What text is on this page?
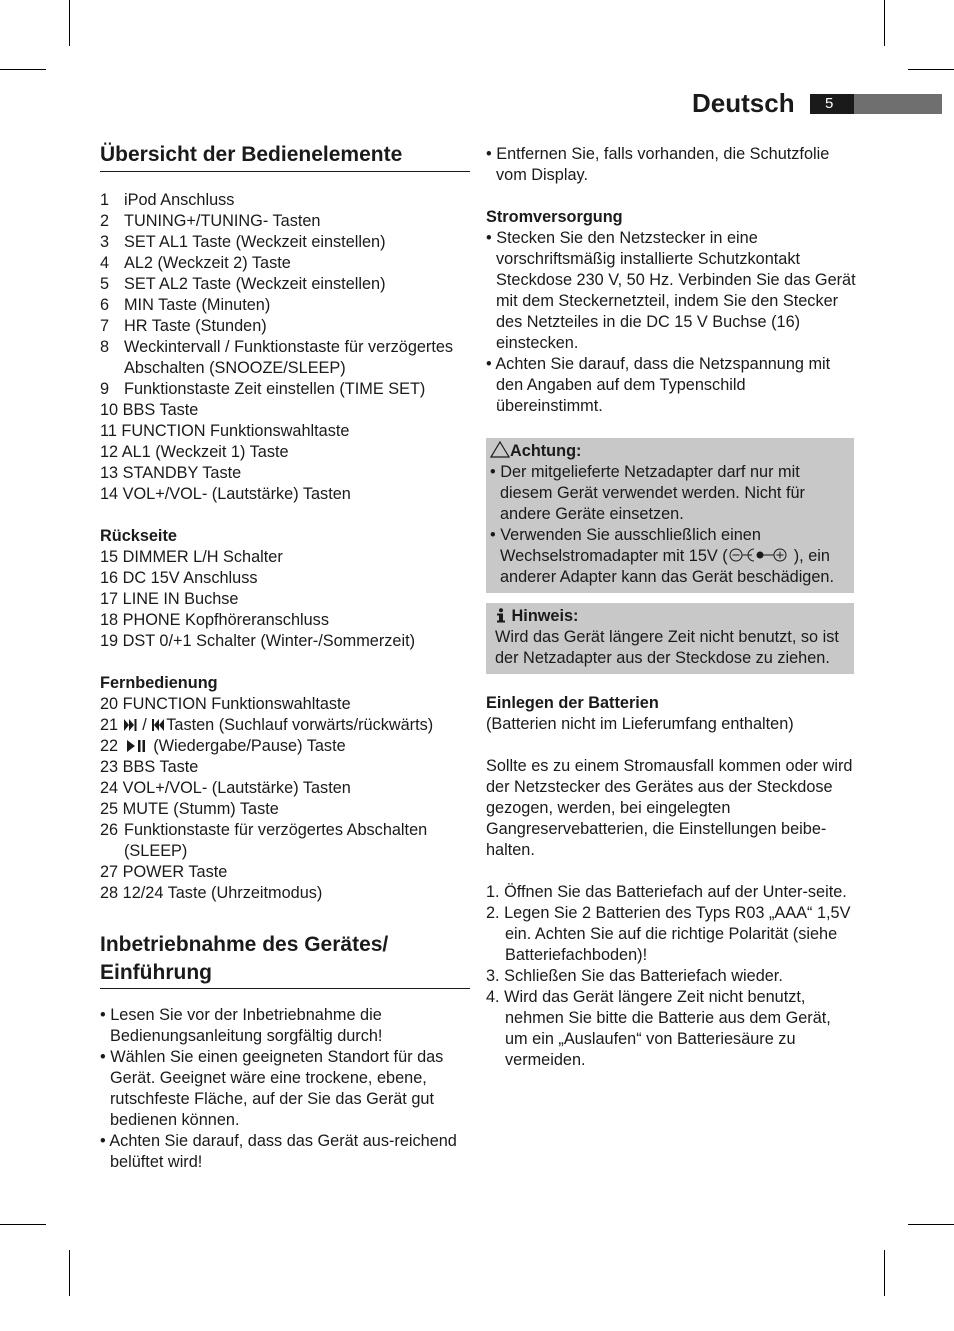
Deutsch	5
Übersicht der Bedienelemente
1 iPod Anschluss
2 TUNING+/TUNING- Tasten
3 SET AL1 Taste (Weckzeit einstellen)
4 AL2 (Weckzeit 2) Taste
5 SET AL2 Taste (Weckzeit einstellen)
6 MIN Taste (Minuten)
7 HR Taste (Stunden)
8 Weckintervall / Funktionstaste für verzögertes Abschalten (SNOOZE/SLEEP)
9 Funktionstaste Zeit einstellen (TIME SET)
10 BBS Taste
11 FUNCTION Funktionswahltaste
12 AL1 (Weckzeit 1) Taste
13 STANDBY Taste
14 VOL+/VOL- (Lautstärke) Tasten
Rückseite
15 DIMMER L/H Schalter
16 DC 15V Anschluss
17 LINE IN Buchse
18 PHONE Kopfhöreranschluss
19 DST 0/+1 Schalter (Winter-/Sommerzeit)
Fernbedienung
20 FUNCTION Funktionswahltaste
21 / Tasten (Suchlauf vorwärts/rückwärts)
22 (Wiedergabe/Pause) Taste
23 BBS Taste
24 VOL+/VOL- (Lautstärke) Tasten
25 MUTE (Stumm) Taste
26 Funktionstaste für verzögertes Abschalten (SLEEP)
27 POWER Taste
28 12/24 Taste (Uhrzeitmodus)
Inbetriebnahme des Gerätes/ Einführung
• Lesen Sie vor der Inbetriebnahme die Bedienungsanleitung sorgfältig durch!
• Wählen Sie einen geeigneten Standort für das Gerät. Geeignet wäre eine trockene, ebene, rutschfeste Fläche, auf der Sie das Gerät gut bedienen können.
• Achten Sie darauf, dass das Gerät aus-reichend belüftet wird!
• Entfernen Sie, falls vorhanden, die Schutzfolie vom Display.
Stromversorgung
• Stecken Sie den Netzstecker in eine vorschriftsmäßig installierte Schutzkontakt Steckdose 230 V, 50 Hz. Verbinden Sie das Gerät mit dem Steckernetzteil, indem Sie den Stecker des Netzteiles in die DC 15 V Buchse (16) einstecken.
• Achten Sie darauf, dass die Netzspannung mit den Angaben auf dem Typenschild übereinstimmt.
Achtung:
• Der mitgelieferte Netzadapter darf nur mit diesem Gerät verwendet werden. Nicht für andere Geräte einsetzen.
• Verwenden Sie ausschließlich einen Wechselstromadapter mit 15V (	), ein anderer Adapter kann das Gerät beschädigen.
Hinweis:
Wird das Gerät längere Zeit nicht benutzt, so ist der Netzadapter aus der Steckdose zu ziehen.
Einlegen der Batterien
(Batterien nicht im Lieferumfang enthalten)
Sollte es zu einem Stromausfall kommen oder wird der Netzstecker des Gerätes aus der Steckdose gezogen, werden, bei eingelegten Gangreservebatterien, die Einstellungen beibe-halten.
1. Öffnen Sie das Batteriefach auf der Unter-seite.
2. Legen Sie 2 Batterien des Typs R03 „AAA“ 1,5V ein. Achten Sie auf die richtige Polarität (siehe Batteriefachboden)!
3. Schließen Sie das Batteriefach wieder.
4. Wird das Gerät längere Zeit nicht benutzt, nehmen Sie bitte die Batterie aus dem Gerät, um ein „Auslaufen“ von Batteriesäure zu vermeiden.
